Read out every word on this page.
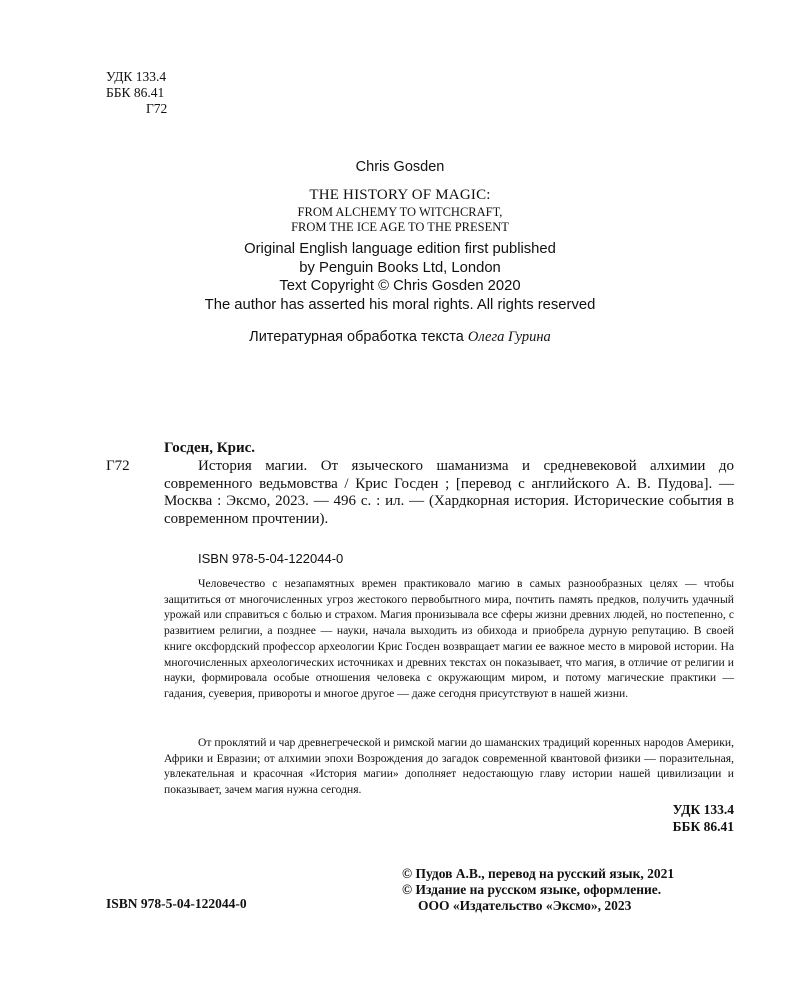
УДК 133.4
ББК 86.41
Г72
Chris Gosden
THE HISTORY OF MAGIC:
FROM ALCHEMY TO WITCHCRAFT,
FROM THE ICE AGE TO THE PRESENT
Original English language edition first published
by Penguin Books Ltd, London
Text Copyright © Chris Gosden 2020
The author has asserted his moral rights. All rights reserved
Литературная обработка текста Олега Гурина
Госден, Крис.
Г72	История магии. От языческого шаманизма и средневековой алхимии до современного ведьмовства / Крис Госден ; [перевод с английского А. В. Пудова]. — Москва : Эксмо, 2023. — 496 с. : ил. — (Хардкорная история. Исторические события в современном прочтении).
ISBN 978-5-04-122044-0

Человечество с незапамятных времен практиковало магию в самых разнообразных целях — чтобы защититься от многочисленных угроз жестокого первобытного мира, почтить память предков, получить удачный урожай или справиться с болью и страхом. Магия пронизывала все сферы жизни древних людей, но постепенно, с развитием религии, а позднее — науки, начала выходить из обихода и приобрела дурную репутацию. В своей книге оксфордский профессор археологии Крис Госден возвращает магии ее важное место в мировой истории. На многочисленных археологических источниках и древних текстах он показывает, что магия, в отличие от религии и науки, формировала особые отношения человека с окружающим миром, и потому магические практики — гадания, суеверия, привороты и многое другое — даже сегодня присутствуют в нашей жизни.

От проклятий и чар древнегреческой и римской магии до шаманских традиций коренных народов Америки, Африки и Евразии; от алхимии эпохи Возрождения до загадок современной квантовой физики — поразительная, увлекательная и красочная «История магии» дополняет недостающую главу истории нашей цивилизации и показывает, зачем магия нужна сегодня.

УДК 133.4
ББК 86.41
ISBN 978-5-04-122044-0
© Пудов А.В., перевод на русский язык, 2021
© Издание на русском языке, оформление.
ООО «Издательство «Эксмо», 2023
